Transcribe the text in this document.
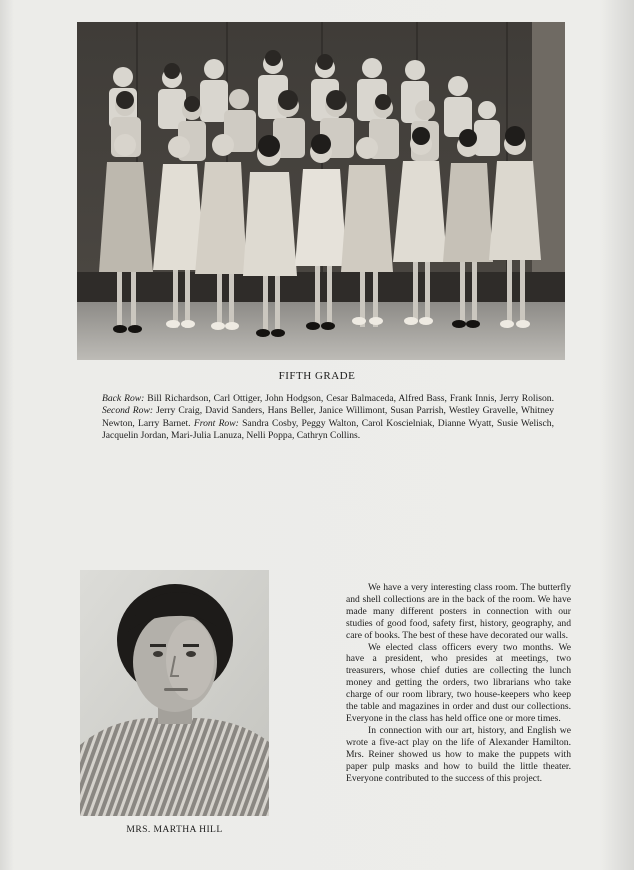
FIFTH GRADE
Back Row: Bill Richardson, Carl Ottiger, John Hodgson, Cesar Balmaceda, Alfred Bass, Frank Innis, Jerry Rolison. Second Row: Jerry Craig, David Sanders, Hans Beller, Janice Willimont, Susan Parrish, Westley Gravelle, Whitney Newton, Larry Barnet. Front Row: Sandra Cosby, Peggy Walton, Carol Koscielniak, Dianne Wyatt, Susie Welisch, Jacquelin Jordan, Mari-Julia Lanuza, Nelli Poppa, Cathryn Collins.
MRS. MARTHA HILL

We have a very interesting class room. The butterfly and shell collections are in the back of the room. We have made many different posters in connection with our studies of good food, safety first, history, geography, and care of books. The best of these have decorated our walls.

We elected class officers every two months. We have a president, who presides at meetings, two treasurers, whose chief duties are collecting the lunch money and getting the orders, two librarians who take charge of our room library, two house-keepers who keep the table and magazines in order and dust our collections. Everyone in the class has held office one or more times.

In connection with our art, history, and English we wrote a five-act play on the life of Alexander Hamilton. Mrs. Reiner showed us how to make the puppets with paper pulp masks and how to build the little theater. Everyone contributed to the success of this project.
